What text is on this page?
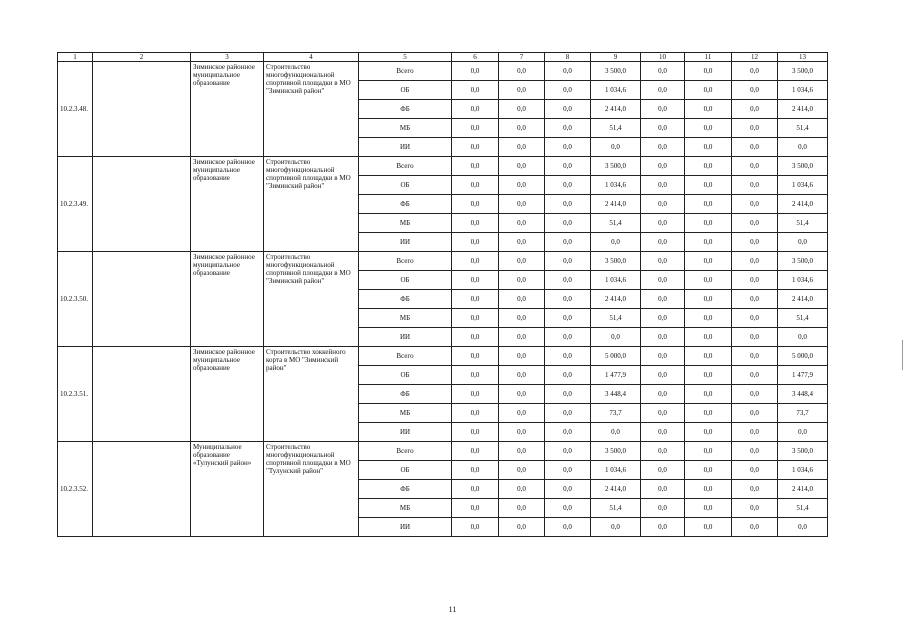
1	2	3	4	5	6	7	8	9	10	11	12	13
10.2.3.48.		Зиминское районное муниципальное образование	Строительство многофункциональной спортивной площадки в МО "Зиминский район"	Всего	0,0	0,0	0,0	3 500,0	0,0	0,0	0,0	3 500,0
				ОБ	0,0	0,0	0,0	1 034,6	0,0	0,0	0,0	1 034,6
				ФБ	0,0	0,0	0,0	2 414,0	0,0	0,0	0,0	2 414,0
				МБ	0,0	0,0	0,0	51,4	0,0	0,0	0,0	51,4
				ИИ	0,0	0,0	0,0	0,0	0,0	0,0	0,0	0,0
10.2.3.49.		Зиминское районное муниципальное образование	Строительство многофункциональной спортивной площадки в МО "Зиминский район"	Всего	0,0	0,0	0,0	3 500,0	0,0	0,0	0,0	3 500,0
				ОБ	0,0	0,0	0,0	1 034,6	0,0	0,0	0,0	1 034,6
				ФБ	0,0	0,0	0,0	2 414,0	0,0	0,0	0,0	2 414,0
				МБ	0,0	0,0	0,0	51,4	0,0	0,0	0,0	51,4
				ИИ	0,0	0,0	0,0	0,0	0,0	0,0	0,0	0,0
10.2.3.50.		Зиминское районное муниципальное образование	Строительство многофункциональной спортивной площадки в МО "Зиминский район"	Всего	0,0	0,0	0,0	3 500,0	0,0	0,0	0,0	3 500,0
				ОБ	0,0	0,0	0,0	1 034,6	0,0	0,0	0,0	1 034,6
				ФБ	0,0	0,0	0,0	2 414,0	0,0	0,0	0,0	2 414,0
				МБ	0,0	0,0	0,0	51,4	0,0	0,0	0,0	51,4
				ИИ	0,0	0,0	0,0	0,0	0,0	0,0	0,0	0,0
10.2.3.51.		Зиминское районное муниципальное образование	Строительство хоккейного корта в МО "Зиминский район"	Всего	0,0	0,0	0,0	5 000,0	0,0	0,0	0,0	5 000,0
				ОБ	0,0	0,0	0,0	1 477,9	0,0	0,0	0,0	1 477,9
				ФБ	0,0	0,0	0,0	3 448,4	0,0	0,0	0,0	3 448,4
				МБ	0,0	0,0	0,0	73,7	0,0	0,0	0,0	73,7
				ИИ	0,0	0,0	0,0	0,0	0,0	0,0	0,0	0,0
10.2.3.52.		Муниципальное образование «Тулунский район»	Строительство многофункциональной спортивной площадки в МО "Тулунский район"	Всего	0,0	0,0	0,0	3 500,0	0,0	0,0	0,0	3 500,0
				ОБ	0,0	0,0	0,0	1 034,6	0,0	0,0	0,0	1 034,6
				ФБ	0,0	0,0	0,0	2 414,0	0,0	0,0	0,0	2 414,0
				МБ	0,0	0,0	0,0	51,4	0,0	0,0	0,0	51,4
				ИИ	0,0	0,0	0,0	0,0	0,0	0,0	0,0	0,0
11
